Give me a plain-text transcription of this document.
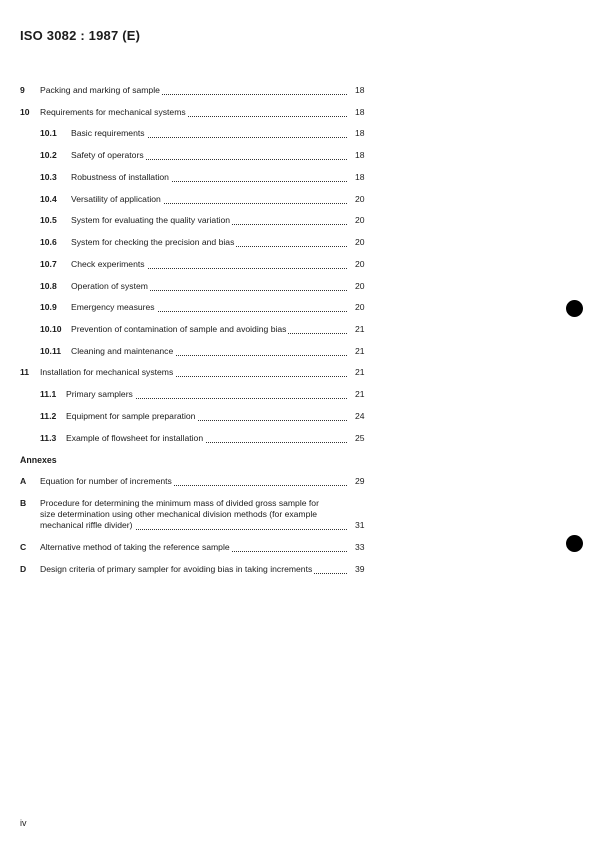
ISO 3082 : 1987 (E)
9 Packing and marking of sample	18
10 Requirements for mechanical systems	18
10.1 Basic requirements	18
10.2 Safety of operators	18
10.3 Robustness of installation	18
10.4 Versatility of application	20
10.5 System for evaluating the quality variation	20
10.6 System for checking the precision and bias	20
10.7 Check experiments	20
10.8 Operation of system	20
10.9 Emergency measures	20
10.10 Prevention of contamination of sample and avoiding bias	21
10.11 Cleaning and maintenance	21
11 Installation for mechanical systems	21
11.1 Primary samplers	21
11.2 Equipment for sample preparation	24
11.3 Example of flowsheet for installation	25
Annexes
A Equation for number of increments	29
B Procedure for determining the minimum mass of divided gross sample for
size determination using other mechanical division methods (for example
mechanical riffle divider)	31
C Alternative method of taking the reference sample	33
D Design criteria of primary sampler for avoiding bias in taking increments	39
iv
